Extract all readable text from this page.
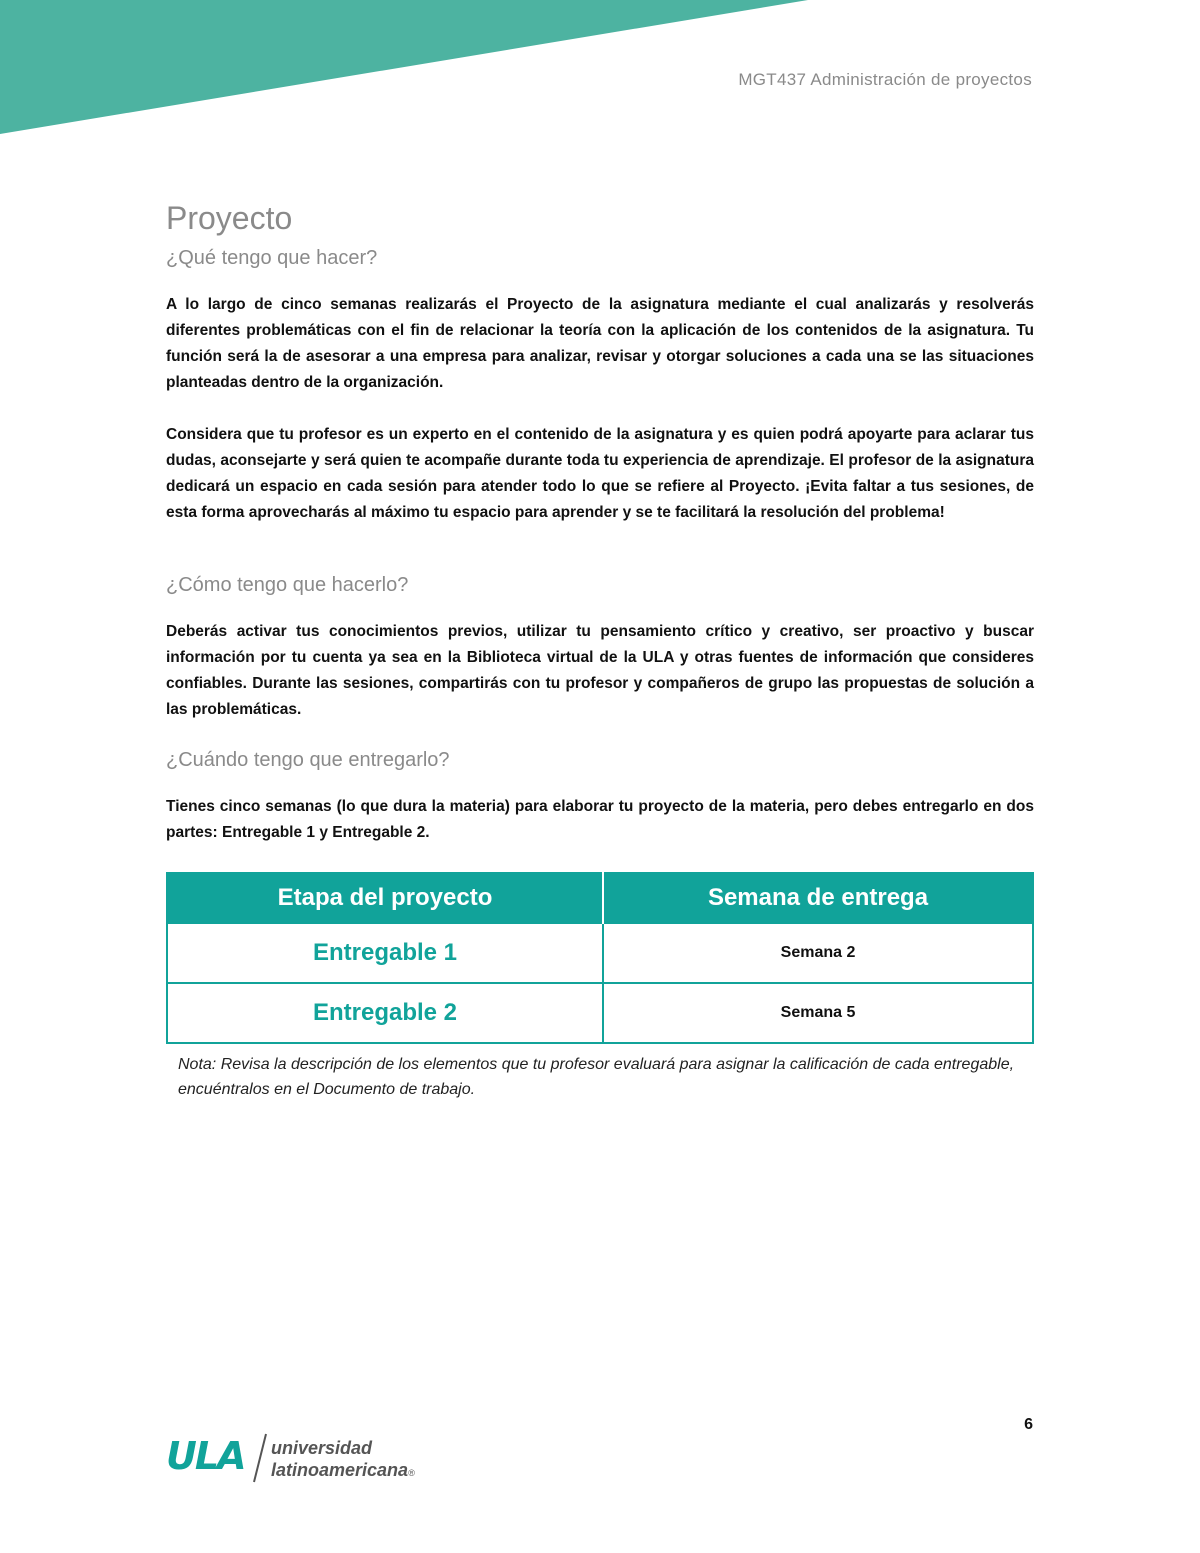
MGT437 Administración de proyectos
Proyecto
¿Qué tengo que hacer?

A lo largo de cinco semanas realizarás el Proyecto de la asignatura mediante el cual analizarás y resolverás diferentes problemáticas con el fin de relacionar la teoría con la aplicación de los contenidos de la asignatura. Tu función será la de asesorar a una empresa para analizar, revisar y otorgar soluciones a cada una se las situaciones planteadas dentro de la organización.

Considera que tu profesor es un experto en el contenido de la asignatura y es quien podrá apoyarte para aclarar tus dudas, aconsejarte y será quien te acompañe durante toda tu experiencia de aprendizaje. El profesor de la asignatura dedicará un espacio en cada sesión para atender todo lo que se refiere al Proyecto. ¡Evita faltar a tus sesiones, de esta forma aprovecharás al máximo tu espacio para aprender y se te facilitará la resolución del problema!

¿Cómo tengo que hacerlo?

Deberás activar tus conocimientos previos, utilizar tu pensamiento crítico y creativo, ser proactivo y buscar información por tu cuenta ya sea en la Biblioteca virtual de la ULA y otras fuentes de información que consideres confiables. Durante las sesiones, compartirás con tu profesor y compañeros de grupo las propuestas de solución a las problemáticas.

¿Cuándo tengo que entregarlo?

Tienes cinco semanas (lo que dura la materia) para elaborar tu proyecto de la materia, pero debes entregarlo en dos partes: Entregable 1 y Entregable 2.

Etapa del proyecto	Semana de entrega
Entregable 1	Semana 2
Entregable 2	Semana 5

Nota: Revisa la descripción de los elementos que tu profesor evaluará para asignar la calificación de cada entregable, encuéntralos en el Documento de trabajo.

6
ULA universidad
latinoamericana®
